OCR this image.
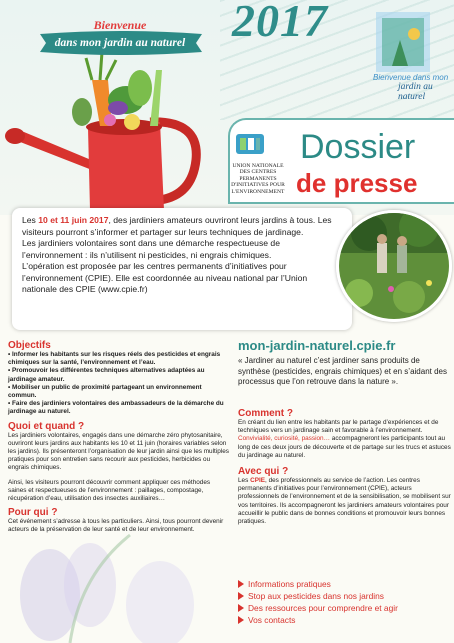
Bienvenue
dans mon jardin au naturel	2017
Bienvenue dans mon
jardin au naturel
UNION NATIONALE
DES CENTRES PERMANENTS
D'INITIATIVES POUR
L'ENVIRONNEMENT
Dossier
de presse
Les 10 et 11 juin 2017, des jardiniers amateurs ouvriront leurs jardins à tous. Les visiteurs pourront s’informer et partager sur leurs techniques de jardinage.
Les jardiniers volontaires sont dans une démarche respectueuse de l’environnement : ils n’utilisent ni pesticides, ni engrais chimiques.
L’opération est proposée par les centres permanents d’initiatives pour l’environnement (CPIE). Elle est coordonnée au niveau national par l’Union nationale des CPIE (www.cpie.fr)

Objectifs

• Informer les habitants sur les risques réels des pesticides et engrais chimiques sur la santé, l’environnement et l’eau.

• Promouvoir les différentes techniques alternatives adaptées au jardinage amateur.

• Mobiliser un public de proximité partageant un environnement commun.

• Faire des jardiniers volontaires des ambassadeurs de la démarche du jardinage au naturel.

Quoi et quand ?

Les jardiniers volontaires, engagés dans une démarche zéro phytosanitaire, ouvriront leurs jardins aux habitants les 10 et 11 juin (horaires variables selon les jardins). Ils présenteront l’organisation de leur jardin ainsi que les multiples pratiques pour son entretien sans recourir aux pesticides, herbicides ou engrais chimiques.

Ainsi, les visiteurs pourront découvrir comment appliquer ces méthodes saines et respectueuses de l’environnement : paillages, compostage, récupération d’eau, utilisation des insectes auxiliaires…

Pour qui ?

Cet événement s’adresse à tous les particuliers. Ainsi, tous pourront devenir acteurs de la préservation de leur santé et de leur environnement.

mon-jardin-naturel.cpie.fr
« Jardiner au naturel c’est jardiner sans produits de synthèse (pesticides, engrais chimiques) et en s’aidant des processus que l’on retrouve dans la nature ».

Comment ?

En créant du lien entre les habitants par le partage d’expériences et de techniques vers un jardinage sain et favorable à l’environnement.

Convivialité, curiosité, passion… accompagneront les participants tout au long de ces deux jours de découverte et de partage sur les trucs et astuces du jardinage au naturel.

Avec qui ?

Les CPIE, des professionnels au service de l’action. Les centres permanents d’initiatives pour l’environnement (CPIE), acteurs professionnels de l’environnement et de la sensibilisation, se mobilisent sur vos territoires. Ils accompagneront les jardiniers amateurs volontaires pour accueillir le public dans de bonnes conditions et promouvoir leurs bonnes pratiques.

Informations pratiques
Stop aux pesticides dans nos jardins
Des ressources pour comprendre et agir
Vos contacts
